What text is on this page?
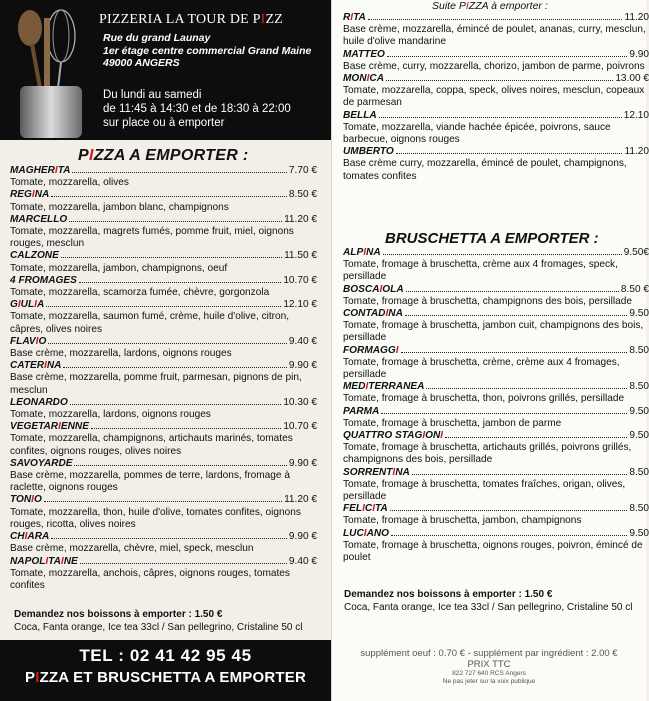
PIZZERIA LA TOUR DE PIZZ
Rue du grand Launay
1er étage centre commercial Grand Maine
49000 ANGERS
Du lundi au samedi
de 11:45 à 14:30 et de 18:30 à 22:00
sur place ou à emporter
PIZZA A EMPORTER :
MAGHERITA	7.70 €
Tomate, mozzarella, olives
REGINA	8.50 €
Tomate, mozzarella, jambon blanc, champignons
MARCELLO	11.20 €
Tomate, mozzarella, magrets fumés, pomme fruit, miel, oignons rouges, mesclun
CALZONE	11.50 €
Tomate, mozzarella, jambon, champignons, oeuf
4 FROMAGES	10.70 €
Tomate, mozzarella, scamorza fumée, chèvre, gorgonzola
GIULIA	12.10 €
Tomate, mozzarella, saumon fumé, crème, huile d'olive, citron, câpres, olives noires
FLAVIO	9.40 €
Base crème, mozzarella, lardons, oignons rouges
CATERINA	9.90 €
Base crème, mozzarella, pomme fruit, parmesan, pignons de pin, mesclun
LEONARDO	10.30 €
Tomate, mozzarella, lardons, oignons rouges
VEGETARIENNE	10.70 €
Tomate, mozzarella, champignons, artichauts marinés, tomates confites, oignons rouges, olives noires
SAVOYARDE	9.90 €
Base crème, mozzarella, pommes de terre, lardons, fromage à raclette, oignons rouges
TONIO	11.20 €
Tomate, mozzarella, thon, huile d'olive, tomates confites, oignons rouges, ricotta, olives noires
CHIARA	9.90 €
Base crème, mozzarella, chèvre, miel, speck, mesclun
NAPOLITAINE	9.40 €
Tomate, mozzarella, anchois, câpres, oignons rouges, tomates confites
Demandez nos boissons à emporter : 1.50 €
Coca, Fanta orange, Ice tea 33cl / San pellegrino, Cristaline 50 cl
TEL : 02 41 42 95 45
PIZZA ET BRUSCHETTA A EMPORTER
Suite PIZZA à emporter :
RITA	11.20
Base crème, mozzarella, émincé de poulet, ananas, curry, mesclun, huile d'olive mandarine
MATTEO	9.90
Base crème, curry, mozzarella, chorizo, jambon de parme, poivrons
MONICA	13.00 €
Tomate, mozzarella, coppa, speck, olives noires, mesclun, copeaux de parmesan
BELLA	12.10
Tomate, mozzarella, viande hachée épicée, poivrons, sauce barbecue, oignons rouges
UMBERTO	11.20
Base crème curry, mozzarella, émincé de poulet, champignons, tomates confites
BRUSCHETTA A EMPORTER :
ALPINA	9.50€
Tomate, fromage à bruschetta, crème aux 4 fromages, speck, persillade
BOSCAIOLA	8.50 €
Tomate, fromage à bruschetta, champignons des bois, persillade
CONTADINA	9.50
Tomate, fromage à bruschetta, jambon cuit, champignons des bois, persillade
FORMAGGI	8.50
Tomate, fromage à bruschetta, crème, crème aux 4 fromages, persillade
MEDITERRANEA	8.50
Tomate, fromage à bruschetta, thon, poivrons grillés, persillade
PARMA	9.50
Tomate, fromage à bruschetta, jambon de parme
QUATTRO STAGIONI	9.50
Tomate, fromage à bruschetta, artichauts grillés, poivrons grillés, champignons des bois, persillade
SORRENTINA	8.50
Tomate, fromage à bruschetta, tomates fraîches, origan, olives, persillade
FELICITA	8.50
Tomate, fromage à bruschetta, jambon, champignons
LUCIANO	9.50
Tomate, fromage à bruschetta, oignons rouges, poivron, émincé de poulet
Demandez nos boissons à emporter : 1.50 €
Coca, Fanta orange, Ice tea 33cl / San pellegrino, Cristaline 50 cl
supplément oeuf : 0.70 € - supplément par ingrédient : 2.00 €
PRIX TTC
822 727 640 RCS Angers
Ne pas jeter sur la voix publique
